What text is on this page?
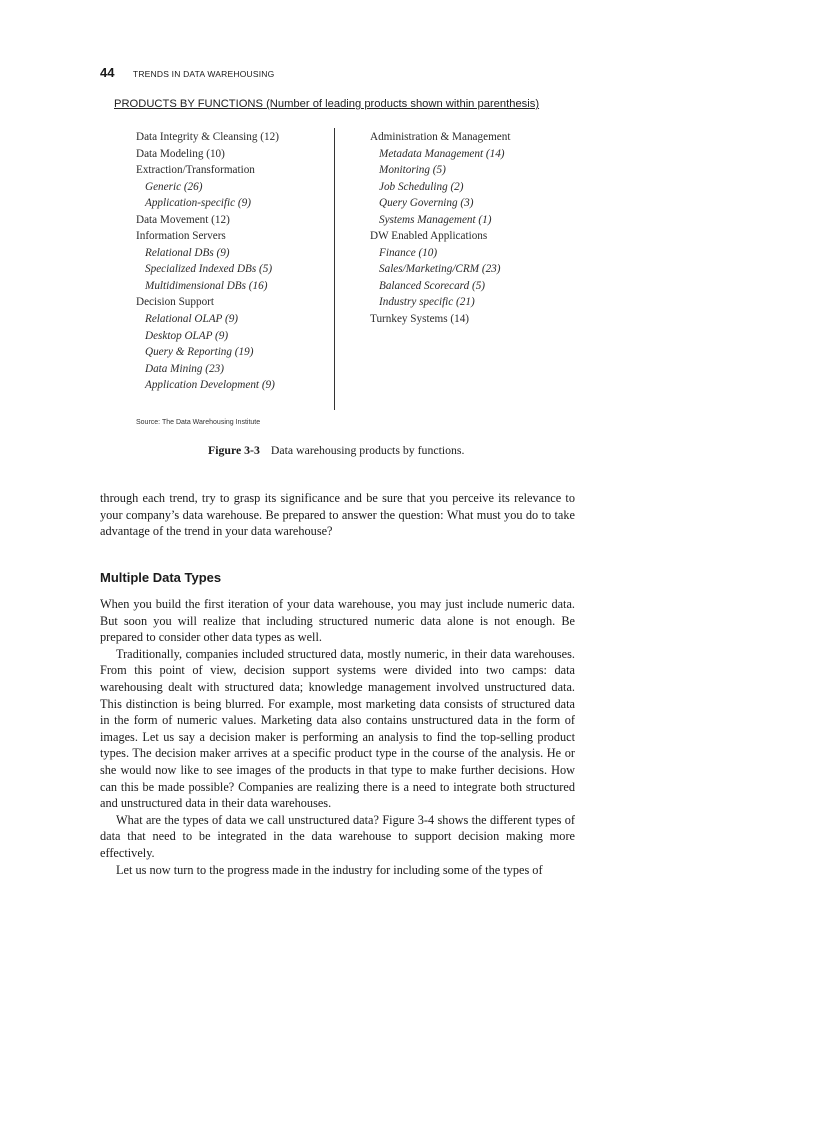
44 TRENDS IN DATA WAREHOUSING
PRODUCTS BY FUNCTIONS (Number of leading products shown within parenthesis)
Data Integrity & Cleansing (12)
Data Modeling (10)
Extraction/Transformation
Generic (26)
Application-specific (9)
Data Movement (12)
Information Servers
Relational DBs (9)
Specialized Indexed DBs (5)
Multidimensional DBs (16)
Decision Support
Relational OLAP (9)
Desktop OLAP (9)
Query & Reporting (19)
Data Mining (23)
Application Development (9)
Administration & Management
Metadata Management (14)
Monitoring (5)
Job Scheduling (2)
Query Governing (3)
Systems Management (1)
DW Enabled Applications
Finance (10)
Sales/Marketing/CRM (23)
Balanced Scorecard (5)
Industry specific (21)
Turnkey Systems (14)
Source: The Data Warehousing Institute
Figure 3-3 Data warehousing products by functions.

through each trend, try to grasp its significance and be sure that you perceive its relevance to your company’s data warehouse. Be prepared to answer the question: What must you do to take advantage of the trend in your data warehouse?

Multiple Data Types

When you build the first iteration of your data warehouse, you may just include numeric data. But soon you will realize that including structured numeric data alone is not enough. Be prepared to consider other data types as well.

Traditionally, companies included structured data, mostly numeric, in their data warehouses. From this point of view, decision support systems were divided into two camps: data warehousing dealt with structured data; knowledge management involved unstructured data. This distinction is being blurred. For example, most marketing data consists of structured data in the form of numeric values. Marketing data also contains unstructured data in the form of images. Let us say a decision maker is performing an analysis to find the top-selling product types. The decision maker arrives at a specific product type in the course of the analysis. He or she would now like to see images of the products in that type to make further decisions. How can this be made possible? Companies are realizing there is a need to integrate both structured and unstructured data in their data warehouses.

What are the types of data we call unstructured data? Figure 3-4 shows the different types of data that need to be integrated in the data warehouse to support decision making more effectively.

Let us now turn to the progress made in the industry for including some of the types of
